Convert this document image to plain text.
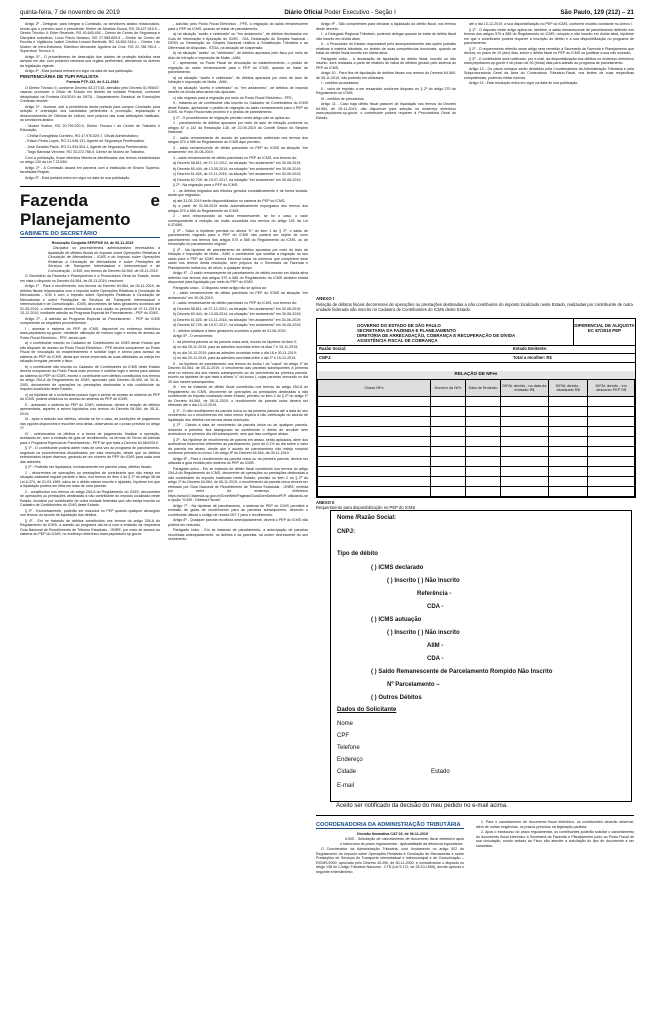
quinta-feira, 7 de novembro de 2019	Diário Oficial Poder Executivo - Seção I	São Paulo, 129 (212) – 21

Artigo 2º - Designar, para integrar a Comissão, os servidores abaixo relacionados, sendo que o primeiro será o presidente: Kleber de Almeida Souza, RG 25.427.515-9 – Diretor Técnico II; Ester Rezende, RG 40.645.445 – Diretor de Centro de Segurança e Disciplina substituto; Lúcio Flávio Nolasco, RG 27.585.609-5 – Diretor de Centro de Escolta e Vigilância; Isabel Cristina Lussari Bertinotti, RG 18.562.316-x – Diretor I do Núcleo de Infra-Estrutura; Edinilson Alexandre Aguilera da Cruz, RG 22.758.790-4 – Supervisor Técnico II.

Artigo 3º - O procedimento de destruição dos coletes de proteção balística será lavrado em ata, com posterior remessa aos órgãos pertinentes, atendendo os dizeres da legislação vigente.

Artigo 4º - Esta portaria entrará em vigor na data de sua publicação.

PENITENCIÁRIA DE TUPI PAULISTA

Portaria PTP-132, de 6-11-2019

O Diretor Técnico II, conforme Decreto 63.277/18, atendido pelo Decreto 51.906/07, visando promover o Ofício de Estudo em âmbito da unidade Prisional, conforme disciplinado na Portaria 001/2019 do DETA - Departamento Estadual de Execuções Criminais resolve:

Artigo 1º - Nomear, sob a presidência desta portaria para compor Comissão para seleção e orientação dos candidatos pertinentes à promoção, implantação e desenvolvimento de Oficinas de Leitura, sem prejuízo das suas atribuições habituais, os servidores abaixo:

- Moacir Scalon, RG 20.799.200-9, Diretor Técnico I do Centro de Trabalho e Educação;

- Cinthia Evangelista Cordeiro, RG 47.976.529-7, Oficial Administrativo;

- Edson Pedro Lopes, RG 21.946.131, Agente de Segurança Penitenciária;

- José Geraldo Paulo, RG 21.934.504-1, Agente de Segurança Penitenciária;

- Tiago Barbosa Veronez, RG 33.272.756-9, Diretor de Núcleo de Trabalho.

Com a publicação, ficam referidos Membros identificados dos termos estabelecidos no artigo 130 da Lei 7.210/84.

Artigo 2º - A Comissão atuará em parceria com a instituição de Ensino Superior, facultadas Regras.

Artigo 3º - Esta portaria entra em vigor na data de sua publicação.

Fazenda e Planejamento
GABINETE DO SECRETÁRIO

Resolução Conjunta SFP/PGE 04, de 06-11-2019

Disciplina os procedimentos administrativos necessários à liquidação de débitos fiscais do Imposto sobre Operações Relativas à Circulação de Mercadorias - ICMS e do Imposto sobre Operações Relativas à Circulação de Mercadorias e sobre Prestações de Serviços de Transporte Interestadual e Intermunicipal e de Comunicação - ICMS, nos termos do Decreto 64.564, de 05-11-2019

O Secretário da Fazenda e Planejamento e a Procuradora Geral do Estado, tendo em vista o disposto no Decreto 64.564, de 05-11-2019, resolvem:

Artigo 1º - Para o recolhimento, nos termos do Decreto 64.564, de 05-11-2019, de débitos fiscais relacionados com o Imposto sobre Operações Relativas à Circulação de Mercadorias - ICM e com o Imposto sobre Operações Relativas à Circulação de Mercadorias e sobre Prestações de Serviços de Transporte Interestadual e Intermunicipal e de Comunicação - ICMS, decorrentes de fatos geradores ocorridos até 31-05-2019, o interessado deverá formalizar a sua opção no período de 07-11-2019 a 15-12-2019, mediante adesão ao Programa Especial de Parcelamento - PEP do ICMS.

Artigo 2º - A adesão ao Programa Especial de Parcelamento - PEP do ICMS compreende os seguintes procedimentos:

I - acessar o sistema do PEP do ICMS, disponível no endereço eletrônico www.pepdoicms.sp.gov.br, mediante utilização de mesmo login e senha de acesso ao Posto Fiscal Eletrônico - PFE, sendo que:

a) o contribuinte inscrito no Cadastro de Contribuintes do ICMS deste Estado que não dispuser de acesso ao Posto Fiscal Eletrônico - PFE deverá comparecer ao Posto Fiscal de vinculação do estabelecimento e solicitar login e senha para acesso ao sistema do PEP do ICMS, ainda que tenha encerrado as suas atividades ou esteja em situação irregular perante o fisco;

b) o contribuinte não inscrito no Cadastro de Contribuintes do ICMS deste Estado deverá comparecer ao Posto Fiscal mais próximo e solicitar login e senha para acesso ao sistema do PEP do ICMS, exceto o contribuinte com débitos constituídos nos termos do artigo 254-A do Regulamento do ICMS, aprovado pelo Decreto 45.490, de 30-11-2000, decorrentes de operações ou prestações destinadas a não contribuinte do imposto localizado neste Estado;

c) na hipótese de o contribuinte possuir login e senha de acesso ao sistema do PEP do ICMS, poderá utilizá-los no acesso ao sistema do PEP do ICMS;

II - acessado o sistema do PEP do ICMS, selecionar, dentre a relação de débitos apresentada, aqueles a serem liquidados nos termos do Decreto 64.564, de 05-11-2019;

III - após a seleção dos débitos, simular se for o caso, as condições de pagamento nas opções disponíveis e escolher uma delas, observando-se o prazo previsto no artigo 1º;

IV - selecionados os débitos e a forma de pagamento, finalizar a operação, aceitando-se, com a emissão da guia de recolhimento, os termos do Termo de Adesão para o Programa Especial de Parcelamento - PEP de que trata o Decreto 64.564/2019.

§ 1º - O contribuinte poderá aderir mais de uma vez ao programa de parcelamento, seguindo os procedimentos disciplinados por esta resolução, desde que os débitos selecionados sejam diversos, gerando-se um número de PEP do ICMS para cada uma das adesões.

§ 2º - Poderão ser liquidados, exclusivamente em parcela única, débitos fiscais:

1 - decorrentes de operações ou prestações de contribuinte que não esteja em situação cadastral regular perante o fisco, nos termos do item 4 do § 1º do artigo 38 da Lei 6.374, de 01-03-1989, salvo se o débito estiver inscrito e ajuizado, hipótese em que a liquidação poderá ser feita em mais de uma parcela;

2 - constituídos nos termos do artigo 254-A do Regulamento do ICMS, decorrentes de operações ou prestações destinadas a não contribuinte do imposto localizado neste Estado, inclusive por contribuinte de outra unidade federada que não esteja inscrito no Cadastro de Contribuintes do ICMS deste Estado.

§ 3º - Exclusivamente, poderão ser incluídos no PEP quando qualquer abrangido nos termos do acordo de liquidação dos débitos.

§ 4º - Em se tratando de débitos constituídos nos termos do artigo 254-A do Regulamento do ICMS, a adesão ao programa dar-se-á com a emissão da respectiva Guia Nacional de Recolhimento de Tributos Estaduais - GNRE, por meio de acesso ao sistema do PEP do ICMS, no endereço eletrônico www.pepdoicms.sp.gov.br.

- solicitar, pelo Posto Fiscal Eletrônico - PFE, a migração do saldo remanescente para o PEP do ICMS, quando se tratar de parcelamento:

a) na situação "aceito e celebrado" ou "em andamento", de débitos declarados em Guia de Informação e Apuração do ICMS - GIA, Declaração do Simples Nacional - DESN ou Declaração do Simples Nacional relativa à Substituição Tributária e ao Diferencial de Alíquotas - STDA, na situação de suspensão;

b) na situação "aceito" ou "celebrado", de débitos apurados pelo fisco por meio de Auto de Infração e Imposição de Multa - AIIM;

2 - apresentar, no Posto Fiscal de vinculação do estabelecimento, o pedido de migração do saldo remanescente para o PEP do ICMS, quando se tratar de parcelamento:

a) na situação "aceito e celebrado", de débitos apurados por meio de Auto de Infração e Imposição de Multa - AIIM;

b) na situação "aceito e celebrado" ou "em andamento", de débitos de imposto inscrito na dívida ativa ainda não ajuizado;

c) não migrado para a migração por meio do Posto Fiscal Eletrônico - PFE;

II - tratando-se de contribuinte não inscrito no Cadastro de Contribuintes do ICMS deste Estado, apresentar o pedido de migração do saldo remanescente para o PEP do ICMS, no Posto Fiscal mais próximo e o pedido de parcelamento.

§ 1º - O procedimento de migração previsto neste artigo não se aplica ao:

1 - parcelamento de débitos apurados por meio de auto de infração conforme os artigos 87 a 142 da Resolução 145, de 22-09-2019 do Comitê Gestor do Simples Nacional;

2 - saldo remanescente de acordo de parcelamento celebrado nos termos dos artigos 570 a 585 do Regulamento do ICMS aqui previsto;

3 - saldo remanescente de débito parcelado no PEP do ICMS na situação "em andamento" em 30-06-2019;

4 - saldo remanescente de débito parcelado no PEP do ICMS, nos termos do:

a) Decreto 58.811, de 27-12-2012, na situação "em andamento" em 30-06-2019;

b) Decreto 60.444, de 13-05-2014, na situação "em andamento" em 30-06-2019;

c) Decreto 61.625, de 13-11-2015, na situação "em andamento" em 30-06-2019;

d) Decreto 62.709, de 19-07-2017, na situação "em andamento" em 30-06-2019;

§ 2º - Na migração para o PEP do ICMS:

1 - os débitos migrados aos tributos gerados cumulativamente e de forma isolada, ainda que migrados;

a) até 31-05-2019 serão disponibilizados no sistema do PEP do ICMS;

b) a partir de 01-06-2019 serão automaticamente expurgados dos termos dos artigos 570 a 585 do Regulamento do ICMS;

2 - será reincorporado ao saldo remanescente, se for o caso, o valor correspondente à redução da multa concedida nos termos do artigo 101 da Lei 6.374/89.

§ 3º - Salvo a hipótese prevista no alínea "b" do item 1 do § 2º, o saldo de parcelamento migrado para o PEP do ICMS não poderá ser objeto de novo parcelamento nos termos dos artigos 570 a 585 do Regulamento do ICMS, ou de reinscrição do parcelamento original.

§ 4º - Na hipótese de parcelamento de débitos apurados por meio de Auto de Infração e Imposição de Multa - AIIM, o contribuinte que solicitar a migração do seu saldo para o PEP do ICMS deverá informar todos os números que completem esse saldo nos termos desta resolução, sem prejuízo da o Secretaria da Fazenda e Planejamento indicá-los, de ofício, a qualquer tempo.

Artigo 4º - O saldo remanescente de parcelamento de débito inscrito em dívida ativa deferido nos termos dos artigos 570 a 585 do Regulamento do ICMS também estará disponível para liquidação por meio do PEP do ICMS.

Parágrafo único - O disposto neste artigo não se aplica ao:

1 - saldo remanescente de débito parcelado no PEP do ICMS na situação "em andamento" em 30-06-2019;

2 - saldo remanescente de débito parcelado no PEP do ICMS, nos termos do:

a) Decreto 58.811, de 27-12-2012, na situação "em andamento" em 30-06-2019;

b) Decreto 60.444, de 13-05-2014, na situação "em andamento" em 30-06-2019;

c) Decreto 61.625, de 13-11-2015, na situação "em andamento" em 30-06-2019;

d) Decreto 62.709, de 19-07-2017, na situação "em andamento" em 30-06-2019;

3 - débitos relativos a fatos geradores ocorridos a partir de 01-06-2019.

Artigo 5º - O vencimento:

I - da primeira parcela ou da parcela única será, exceto na hipótese do item II:

a) no dia 25-11-2019, para as adesões ocorridas entre os dias 7 e 15-11-2019;

b) no dia 10-12-2019, para as adesões ocorridas entre o dia 16 e 30-11-2019;

c) no dia 20-12-2019, para as adesões ocorridas entre o dia 1º e 15-12-2019;

II - na hipótese de parcelamento nos termos do inciso I do "caput" do artigo 1º do Decreto 64.564, de 05-11-2019, o vencimento das parcelas subsequentes à primeira será no mesmo dia dos meses subsequentes ao do vencimento da primeira parcela, exceto na hipótese de que trata a alínea "c" do inciso I, cujas parcelas vencerão no dia 25 dos meses subsequentes.

III - em se tratando de débito fiscal constituído nos termos do artigo 254-A do Regulamento do ICMS, decorrente de operações ou prestações destinadas a não contribuinte do imposto localizado neste Estado, previsto no item 2 do § 2º do artigo 1º do Decreto 64.564, de 05-11-2019, o recolhimento da parcela única deverá ser efetuado até o dia 13-12-2019.

§ 1º - O não recolhimento da parcela única ou da primeira parcela até a data do seu vencimento ou o recolhimento em valor menor implica a não celebração do acordo de liquidação dos débitos nos termos desta resolução.

§ 2º - Caindo a data de vencimento da parcela única ou de qualquer parcela, incluindo a primeira, fica assegurado ao contribuinte o direito de recolher sem acréscimos no primeiro dia útil subsequente, sem que isso configure atraso.

§ 3º - Na hipótese de recolhimento de parcela em atraso, serão aplicados, além dos acréscimos financeiros referentes ao parcelamento, juros de 0,1% ao dia sobre o valor da parcela em atraso, desde que o acordo de parcelamento não esteja rompido conforme previsto no inciso I do artigo 8º do Decreto 64.564, de 05-11-2019.

Artigo 6º - Para o recolhimento da parcela única ou da primeira parcela, deverá ser utilizada a guia emitida pelo sistema do PEP do ICMS.

Parágrafo único - Em se tratando de débito fiscal constituído nos termos do artigo 254-A do Regulamento do ICMS, decorrente de operações ou prestações destinadas a não contribuinte do imposto localizado neste Estado, previsto no item 2 do § 2º do artigo 1º do Decreto 64.564, de 05-11-2019, o recolhimento da parcela única deverá ser efetuado por Guia Nacional de Recolhimento de Tributos Estaduais - GNRE, emitida por meio do endereço eletrônico https://www10.fazenda.sp.gov.br/GnreWeb/Paginas/GuiaGnreDebitosPEP, utilizando-se a opção "ICMS - Débitos Fiscais".

Artigo 7º - Na hipótese de parcelamento, o sistema do PEP do ICMS permitirá a emissão de guias de recolhimento para as parcelas subsequentes, devendo o contribuinte utilizar o código de receita 097-7 para o recolhimento.

Artigo 8º - Qualquer parcela recolhida antecipadamente, deverá o PEP do ICMS não poderá ser reduzido.

Parágrafo único - Em se tratando de parcelamento, a antecipação de parcelas recolhidas antecipadamente, os débitos e as parcelas, na ordem decrescente do seu vencimento.

Artigo 9º - São competentes para declarar a liquidação do débito fiscal, nos termos deste decreto:

I - o Delegado Regional Tributário, podendo delegar quando se tratar de débito fiscal não inscrito em dívida ativa;

II - o Procurador do Estado responsável pelo acompanhamento das ações judiciais relativas à matéria tributária, no âmbito de suas competências funcionais, quando se tratar de débito fiscal inscrito em dívida ativa.

Parágrafo único - A declaração de liquidação do débito fiscal, inscrito ou não inscrito, será realizada a partir de relatório de baixa de débitos gerado pelo sistema do PEP do ICMS.

Artigo 10 - Para fins de liquidação de débitos fiscais nos termos do Decreto 64.564, de 05-11-2019, não poderão ser utilizados:

I - créditos acumulados;

II - valor de imposto a ser ressarcido conforme disposto no § 2º do artigo 270 do Regulamento do ICMS;

III - créditos de precatórios.

Artigo 11 - Caso haja débito fiscal passível de liquidação nos termos do Decreto 64.564, de 05-11-2019, não disponível para seleção no endereço eletrônico www.pepdoicms.sp.gov.br, o contribuinte poderá requerer à Procuradoria Geral do Estado,

até o dia 13-12-2019, a sua disponibilização no PEP do ICMS, conforme modelo constante no Anexo I.

§ 1º - O disposto neste artigo aplica-se, também, a saldo remanescente de parcelamento deferido nos termos dos artigos 570 a 585 do Regulamento do ICMS, rompido e não inscrito em dívida ativa, hipótese em que o contribuinte poderá requerer a inscrição do débito e a sua disponibilização no programa de parcelamento.

§ 2º - O requerimento referido neste artigo será remetido à Secretaria da Fazenda e Planejamento que deverá, no prazo de 10 (dez) dias, incluir o débito fiscal no PEP do ICMS ou justificar a sua não inclusão.

§ 3º - O contribuinte será notificado, por e-mail, da disponibilização dos débitos no endereço eletrônico www.pepdoicms.sp.gov.br e do prazo de 30 (trinta) dias para adesão ao programa de parcelamento.

Artigo 12 - Os casos omissos serão decididos pela Coordenadoria da Administração Tributária e pela Subprocuradoria Geral da Área do Contencioso Tributário-Fiscal, nos limites de suas respectivas competências, podendo editar normas.

Artigo 13 - Esta resolução entra em vigor na data de sua publicação.

ANEXO I
Relação de débitos fiscais decorrentes de operações ou prestações destinadas a não contribuinte do imposto localizado neste Estado, realizadas por contribuinte de outra unidade federada não inscrito no Cadastro de Contribuintes do ICMS deste Estado.
GOVERNO DO ESTADO DE SÃO PAULO
SECRETARIA DA FAZENDA E PLANEJAMENTO
DIRETORIA DE ARRECADAÇÃO, COBRANÇA E RECUPERAÇÃO DE DÍVIDA
ASSISTÊNCIA FISCAL DE COBRANÇA
DIFERENCIAL DE ALÍQUOTA EC 87/2015 PEP
Razão Social:	Estado Emitente:
CNPJ:	Total a recolher: R$
RELAÇÃO DE NFes
Chave NFe	Número da NFe	Data de Emissão	DIFAL devido - na data da emissão R$	DIFAL devido - atualizado R$	DIFAL devido - em desconto PEP R$

ANEXO II
Requerimento para disponibilização no PEP do ICMS
Nome /Razão Social:
CNPJ:
Tipo de débito
( ) ICMS declarado
( ) Inscrito ( ) Não Inscrito
Referência -
CDA -
( ) ICMS autuação
( ) Inscrito ( ) Não inscrito
AIIM -
CDA -
( ) Saldo Remanescente de Parcelamento Rompido Não Inscrito
Nº Parcelamento –
( ) Outros Débitos
Dados do Solicitante
Nome
CPF
Telefone
Endereço
Cidade	Estado
E-mail
Aceito ser notificado da decisão do meu pedido no e-mail acima.
COORDENADORIA DA ADMINISTRAÇÃO TRIBUTÁRIA

Decisão Normativa CAT 03, de 06-11-2019

ICMS - Solicitação de cancelamento de documento fiscal eletrônico após o transcurso do prazo regulamentar - Aplicabilidade da denúncia espontânea

O Coordenador da Administração Tributária, com fundamento no artigo 522 do Regulamento do Imposto sobre Operações Relativas à Circulação de Mercadorias e sobre Prestações de Serviços de Transporte Interestadual e Intermunicipal e de Comunicação – RICMS/2000, aprovado pelo Decreto 45.490, de 30-11-2000, e considerando o disposto no artigo 138 do Código Tributário Nacional - CTN (Lei 5.172, de 25-10-1966), decide aprovar o seguinte entendimento:

1. Para o cancelamento de documento fiscal eletrônico, os contribuintes deverão observar, além de outras exigências, os prazos previstos na legislação paulista.

2. Após o transcurso do prazo regulamentar, os contribuintes poderão solicitar o cancelamento do documento fiscal eletrônico à Secretaria da Fazenda e Planejamento junto ao Posto Fiscal de sua vinculação, sendo vedado ao Fisco não atender a solicitação do tipo de documento a ser cancelado.
